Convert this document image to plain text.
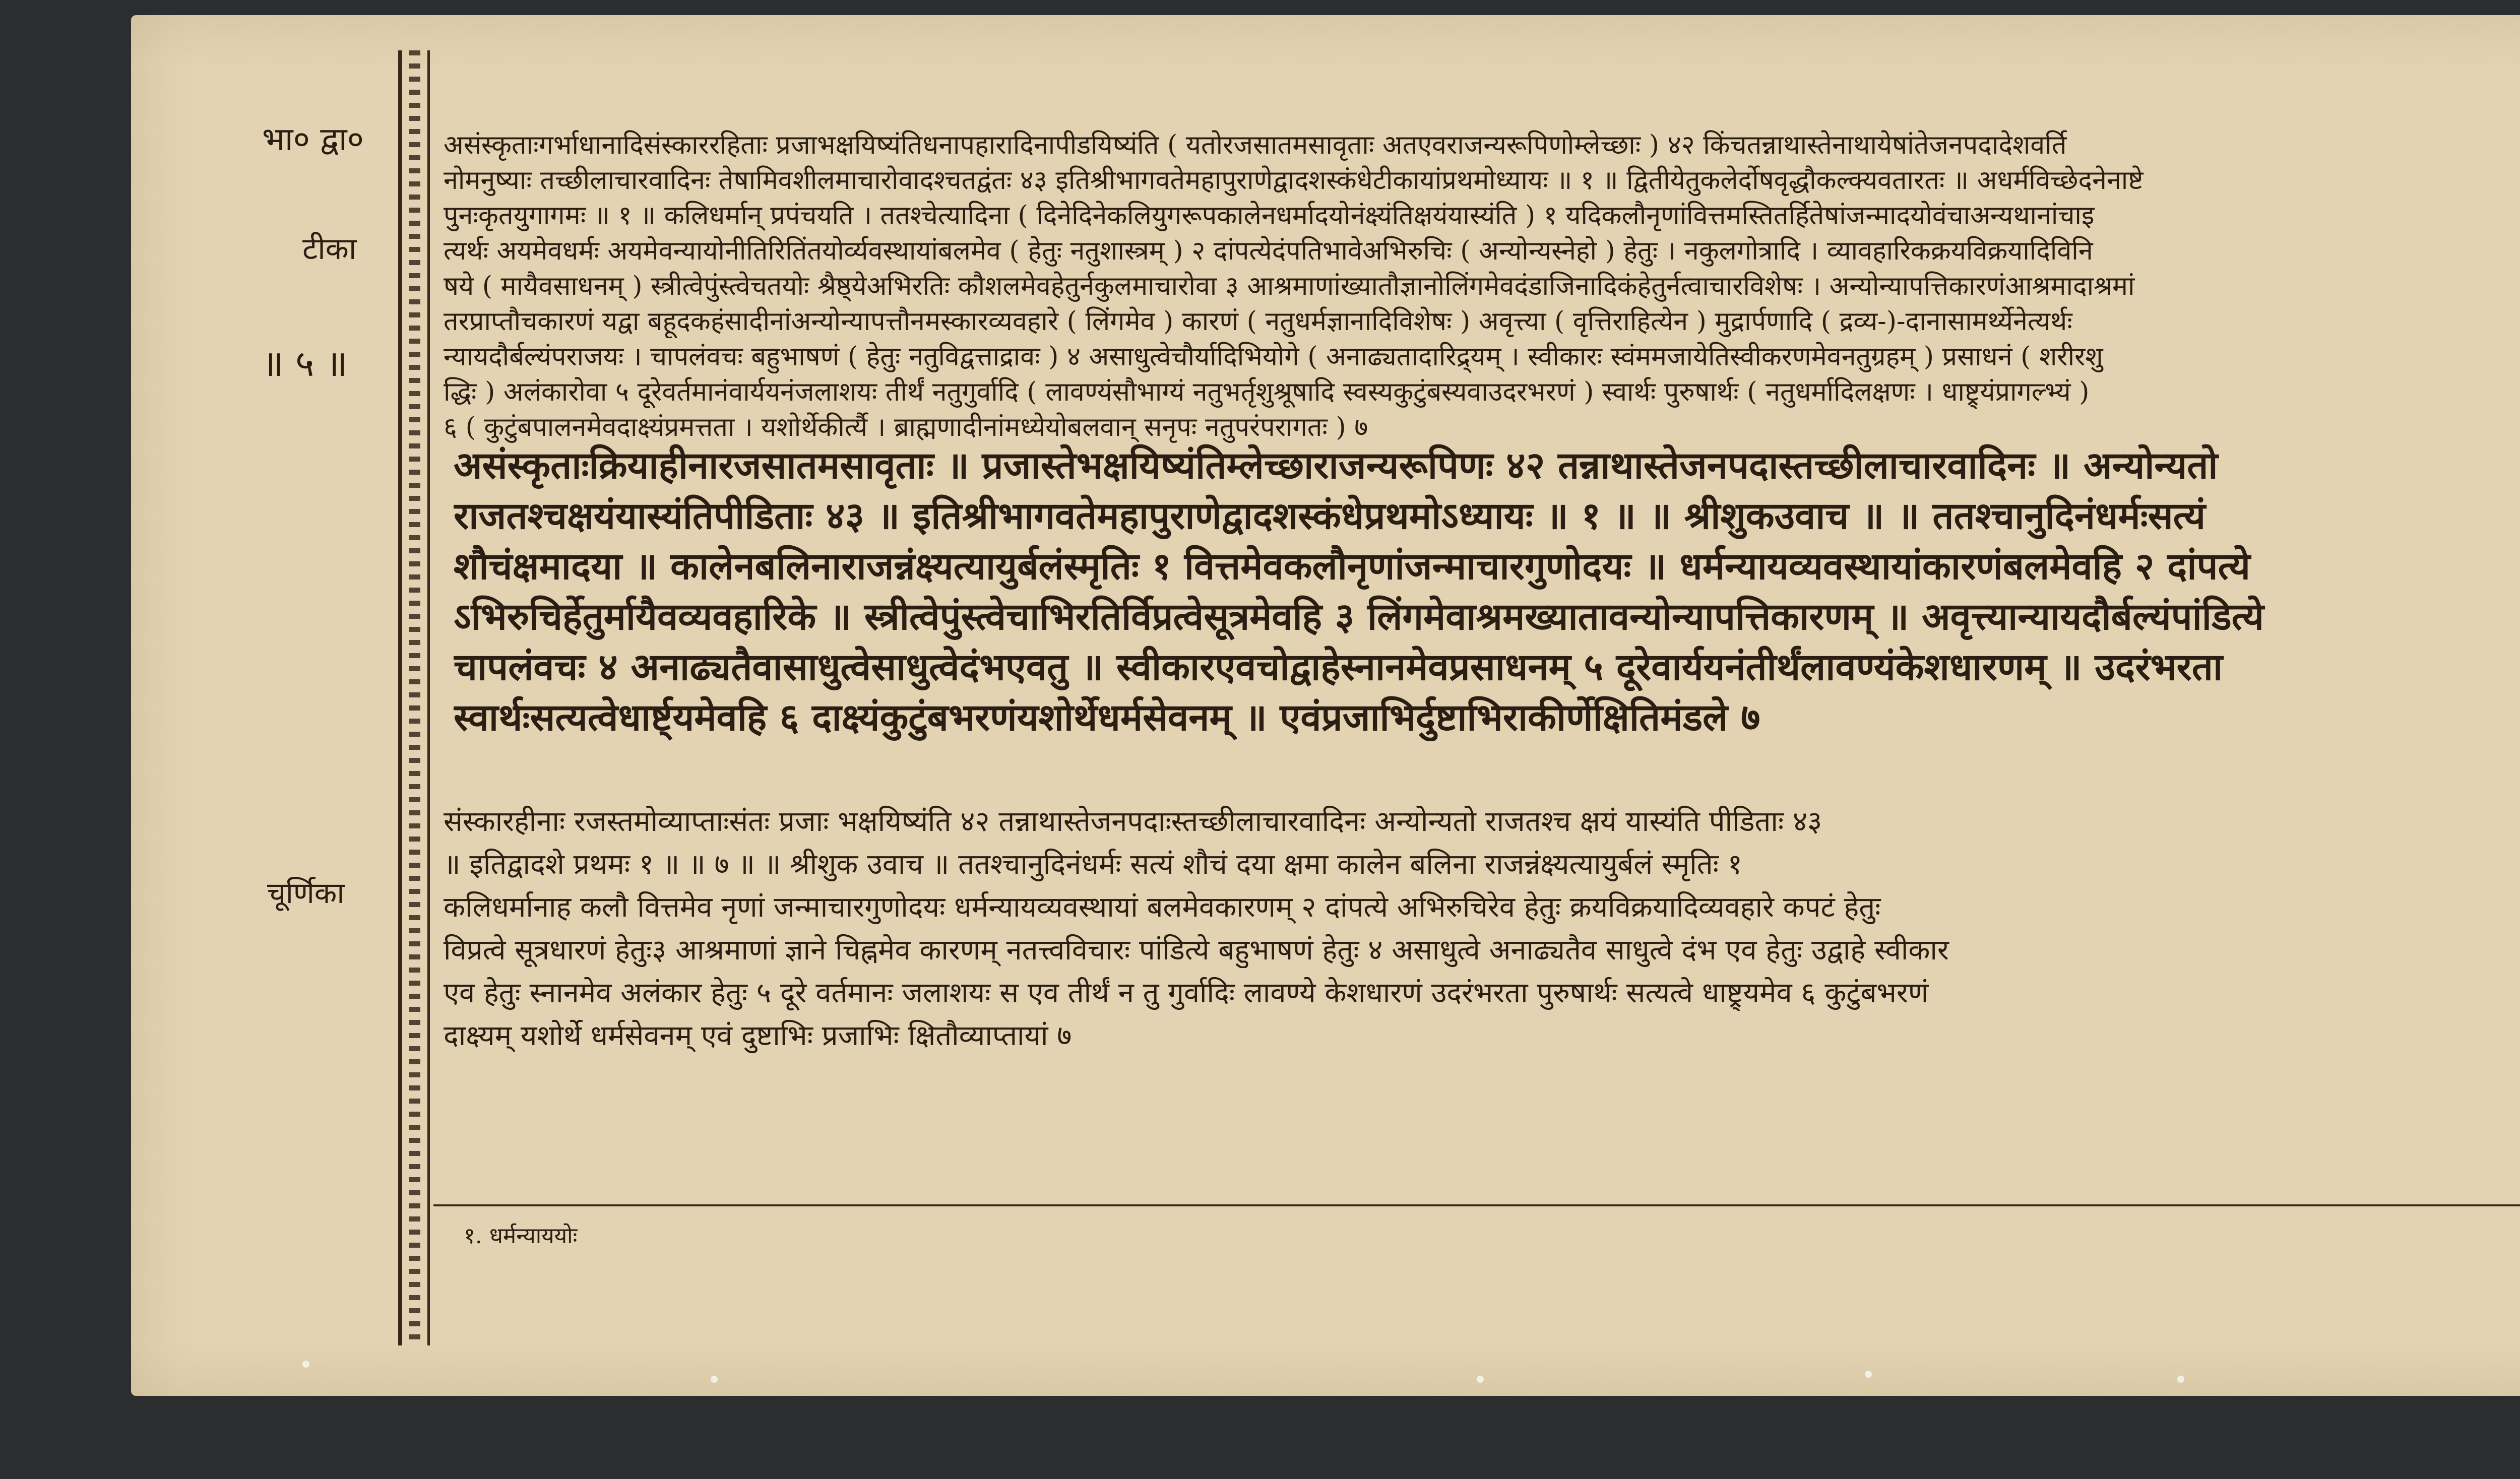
भा० द्वा०
टीका
॥ ५ ॥
चूर्णिका
असंस्कृताःगर्भाधानादिसंस्काररहिताः प्रजाभक्षयिष्यंतिधनापहारादिनापीडयिष्यंति ( यतोरजसातमसावृताः अतएवराजन्यरूपिणोम्लेच्छाः ) ४२ किंचतन्नाथास्तेनाथायेषांतेजनपदादेशवर्ति
नोमनुष्याः तच्छीलाचारवादिनः तेषामिवशीलमाचारोवादश्चतद्वंतः ४३ इतिश्रीभागवतेमहापुराणेद्वादशस्कंधेटीकायांप्रथमोध्यायः ॥ १ ॥ द्वितीयेतुकलेर्दोषवृद्धौकल्क्यवतारतः ॥ अधर्मविच्छेदनेनाष्टे
पुनःकृतयुगागमः ॥ १ ॥ कलिधर्मान् प्रपंचयति । ततश्चेत्यादिना ( दिनेदिनेकलियुगरूपकालेनधर्मादयोनंक्ष्यंतिक्षयंयास्यंति ) १ यदिकलौनृणांवित्तमस्तितर्हितेषांजन्मादयोवंचाअन्यथानांचाइ
त्यर्थः अयमेवधर्मः अयमेवन्यायोनीतिरितिंतयोर्व्यवस्थायांबलमेव ( हेतुः नतुशास्त्रम् ) २ दांपत्येदंपतिभावेअभिरुचिः ( अन्योन्यस्नेहो ) हेतुः । नकुलगोत्रादि । व्यावहारिकक्रयविक्रयादिविनि
षये ( मायैवसाधनम् ) स्त्रीत्वेपुंस्त्वेचतयोः श्रैष्ठ्येअभिरतिः कौशलमेवहेतुर्नकुलमाचारोवा ३ आश्रमाणांख्यातौज्ञानोलिंगमेवदंडाजिनादिकंहेतुर्नत्वाचारविशेषः । अन्योन्यापत्तिकारणंआश्रमादाश्रमां
तरप्राप्तौचकारणं यद्वा बहूदकहंसादीनांअन्योन्यापत्तौनमस्कारव्यवहारे ( लिंगमेव ) कारणं ( नतुधर्मज्ञानादिविशेषः ) अवृत्त्या ( वृत्तिराहित्येन ) मुद्रार्पणादि ( द्रव्य-)-दानासामर्थ्येनेत्यर्थः
न्यायदौर्बल्यंपराजयः । चापलंवचः बहुभाषणं ( हेतुः नतुविद्वत्ताद्रावः ) ४ असाधुत्वेचौर्यादिभियोगे ( अनाढ्यतादारिद्र्यम् । स्वीकारः स्वंममजायेतिस्वीकरणमेवनतुग्रहम् ) प्रसाधनं ( शरीरशु
द्धिः ) अलंकारोवा ५ दूरेवर्तमानंवार्ययनंजलाशयः तीर्थं नतुगुर्वादि ( लावण्यंसौभाग्यं नतुभर्तृशुश्रूषादि स्वस्यकुटुंबस्यवाउदरभरणं ) स्वार्थः पुरुषार्थः ( नतुधर्मादिलक्षणः । धाष्ट्र्यंप्रागल्भ्यं )
६ ( कुटुंबपालनमेवदाक्ष्यंप्रमत्तता । यशोर्थेकीर्त्यै । ब्राह्मणादीनांमध्येयोबलवान् सनृपः नतुपरंपरागतः ) ७
असंस्कृताःक्रियाहीनारजसातमसावृताः ॥ प्रजास्तेभक्षयिष्यंतिम्लेच्छाराजन्यरूपिणः ४२ तन्नाथास्तेजनपदास्तच्छीलाचारवादिनः ॥ अन्योन्यतो
राजतश्चक्षयंयास्यंतिपीडिताः ४३ ॥ इतिश्रीभागवतेमहापुराणेद्वादशस्कंधेप्रथमोऽध्यायः ॥ १ ॥ ॥ श्रीशुकउवाच ॥ ॥ ततश्चानुदिनंधर्मःसत्यं
शौचंक्षमादया ॥ कालेनबलिनाराजन्नंक्ष्यत्यायुर्बलंस्मृतिः १ वित्तमेवकलौनृणांजन्माचारगुणोदयः ॥ धर्मन्यायव्यवस्थायांकारणंबलमेवहि २ दांपत्ये
ऽभिरुचिर्हेतुर्मायैवव्यवहारिके ॥ स्त्रीत्वेपुंस्त्वेचाभिरतिर्विप्रत्वेसूत्रमेवहि ३ लिंगमेवाश्रमख्यातावन्योन्यापत्तिकारणम् ॥ अवृत्त्यान्यायदौर्बल्यंपांडित्ये
चापलंवचः ४ अनाढ्यतैवासाधुत्वेसाधुत्वेदंभएवतु ॥ स्वीकारएवचोद्वाहेस्नानमेवप्रसाधनम् ५ दूरेवार्ययनंतीर्थंलावण्यंकेशधारणम् ॥ उदरंभरता
स्वार्थःसत्यत्वेधार्ष्ट्यमेवहि ६ दाक्ष्यंकुटुंबभरणंयशोर्थेधर्मसेवनम् ॥ एवंप्रजाभिर्दुष्टाभिराकीर्णेक्षितिमंडले ७
संस्कारहीनाः रजस्तमोव्याप्ताःसंतः प्रजाः भक्षयिष्यंति ४२ तन्नाथास्तेजनपदाःस्तच्छीलाचारवादिनः अन्योन्यतो राजतश्च क्षयं यास्यंति पीडिताः ४३
॥ इतिद्वादशे प्रथमः १ ॥ ॥ ७ ॥ ॥ श्रीशुक उवाच ॥ ततश्चानुदिनंधर्मः सत्यं शौचं दया क्षमा कालेन बलिना राजन्नंक्ष्यत्यायुर्बलं स्मृतिः १
कलिधर्मानाह कलौ वित्तमेव नृणां जन्माचारगुणोदयः धर्मन्यायव्यवस्थायां बलमेवकारणम् २ दांपत्ये अभिरुचिरेव हेतुः क्रयविक्रयादिव्यवहारे कपटं हेतुः
विप्रत्वे सूत्रधारणं हेतुः३ आश्रमाणां ज्ञाने चिह्नमेव कारणम् नतत्त्वविचारः पांडित्ये बहुभाषणं हेतुः ४ असाधुत्वे अनाढ्यतैव साधुत्वे दंभ एव हेतुः उद्वाहे स्वीकार
एव हेतुः स्नानमेव अलंकार हेतुः ५ दूरे वर्तमानः जलाशयः स एव तीर्थं न तु गुर्वादिः लावण्ये केशधारणं उदरंभरता पुरुषार्थः सत्यत्वे धाष्ट्र्यमेव ६ कुटुंबभरणं
दाक्ष्यम् यशोर्थे धर्मसेवनम् एवं दुष्टाभिः प्रजाभिः क्षितौव्याप्तायां ७
१. धर्मन्याययोः
